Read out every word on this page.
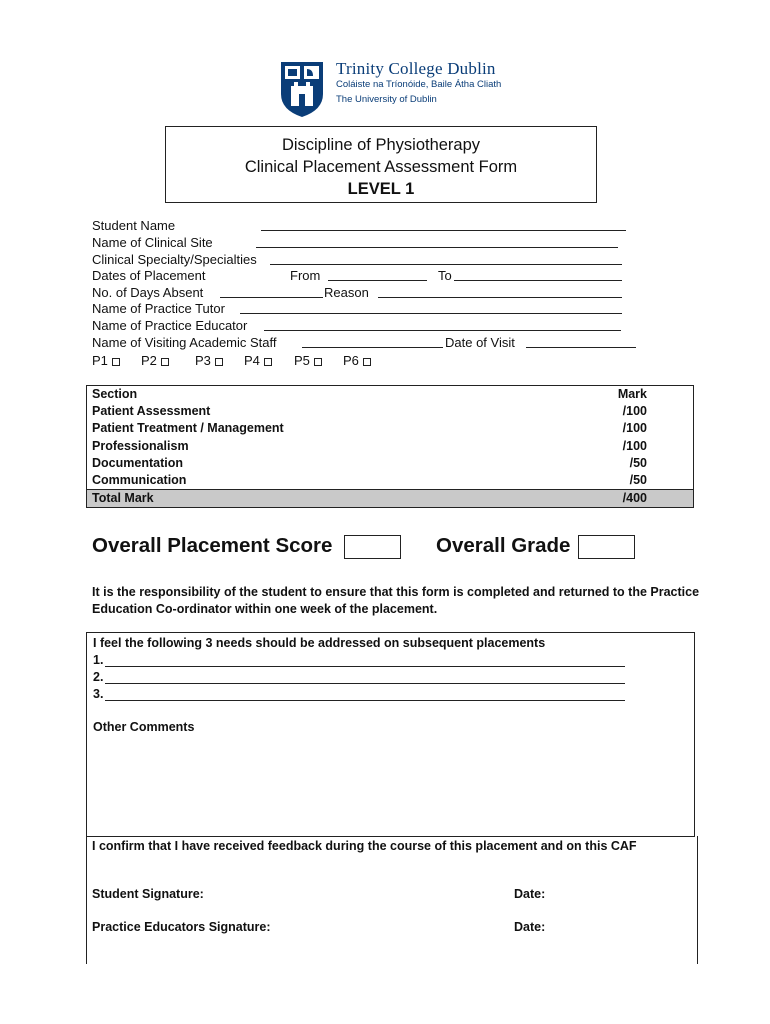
Trinity College Dublin
Coláiste na Tríonóide, Baile Átha Cliath
The University of Dublin
Discipline of Physiotherapy
Clinical Placement Assessment Form
LEVEL 1
Student Name
Name of Clinical Site
Clinical Specialty/Specialties
Dates of Placement	From	To
No. of Days Absent	Reason
Name of Practice Tutor
Name of Practice Educator
Name of Visiting Academic Staff	Date of Visit
P1	P2	P3	P4	P5	P6
Section	Mark
Patient Assessment	/100
Patient Treatment / Management	/100
Professionalism	/100
Documentation	/50
Communication	/50
Total Mark	/400
Overall Placement Score	Overall Grade
It is the responsibility of the student to ensure that this form is completed and returned to the Practice Education Co-ordinator within one week of the placement.
I feel the following 3 needs should be addressed on subsequent placements
1.
2.
3.
Other Comments
I confirm that I have received feedback during the course of this placement and on this CAF
Student Signature:	Date:
Practice Educators Signature:	Date:
